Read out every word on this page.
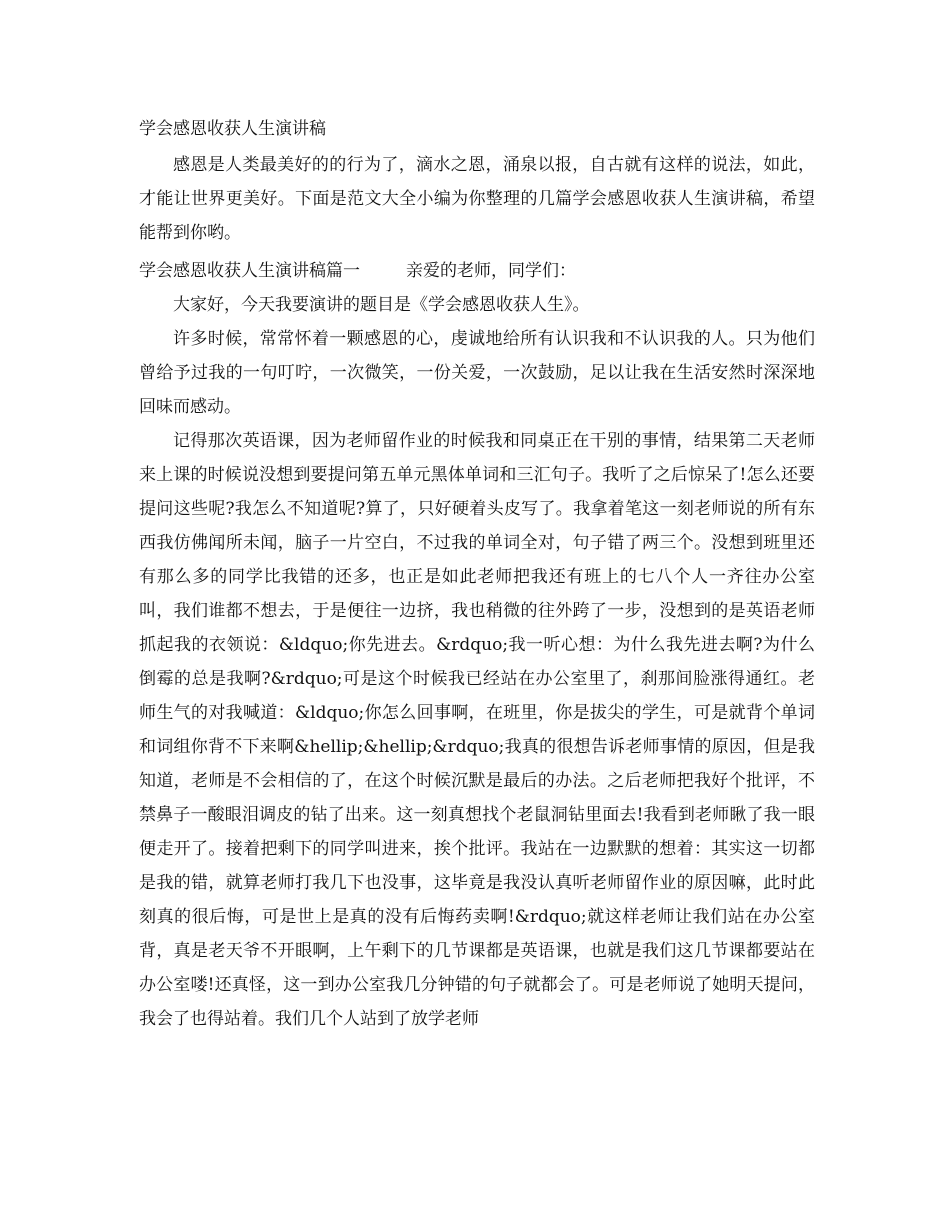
学会感恩收获人生演讲稿

感恩是人类最美好的的行为了，滴水之恩，涌泉以报，自古就有这样的说法，如此，才能让世界更美好。下面是范文大全小编为你整理的几篇学会感恩收获人生演讲稿，希望能帮到你哟。

学会感恩收获人生演讲稿篇一	亲爱的老师，同学们：

大家好，今天我要演讲的题目是《学会感恩收获人生》。

许多时候，常常怀着一颗感恩的心，虔诚地给所有认识我和不认识我的人。只为他们曾给予过我的一句叮咛，一次微笑，一份关爱，一次鼓励，足以让我在生活安然时深深地回味而感动。

记得那次英语课，因为老师留作业的时候我和同桌正在干别的事情，结果第二天老师来上课的时候说没想到要提问第五单元黑体单词和三汇句子。我听了之后惊呆了!怎么还要提问这些呢?我怎么不知道呢?算了，只好硬着头皮写了。我拿着笔这一刻老师说的所有东西我仿佛闻所未闻，脑子一片空白，不过我的单词全对，句子错了两三个。没想到班里还有那么多的同学比我错的还多，也正是如此老师把我还有班上的七八个人一齐往办公室叫，我们谁都不想去，于是便往一边挤，我也稍微的往外跨了一步，没想到的是英语老师抓起我的衣领说：&ldquo;你先进去。&rdquo;我一听心想：为什么我先进去啊?为什么倒霉的总是我啊?&rdquo;可是这个时候我已经站在办公室里了，刹那间脸涨得通红。老师生气的对我喊道：&ldquo;你怎么回事啊，在班里，你是拔尖的学生，可是就背个单词和词组你背不下来啊&hellip;&hellip;&rdquo;我真的很想告诉老师事情的原因，但是我知道，老师是不会相信的了，在这个时候沉默是最后的办法。之后老师把我好个批评，不禁鼻子一酸眼泪调皮的钻了出来。这一刻真想找个老鼠洞钻里面去!我看到老师瞅了我一眼便走开了。接着把剩下的同学叫进来，挨个批评。我站在一边默默的想着：其实这一切都是我的错，就算老师打我几下也没事，这毕竟是我没认真听老师留作业的原因嘛，此时此刻真的很后悔，可是世上是真的没有后悔药卖啊!&rdquo;就这样老师让我们站在办公室背，真是老天爷不开眼啊，上午剩下的几节课都是英语课，也就是我们这几节课都要站在办公室喽!还真怪，这一到办公室我几分钟错的句子就都会了。可是老师说了她明天提问，我会了也得站着。我们几个人站到了放学老师
